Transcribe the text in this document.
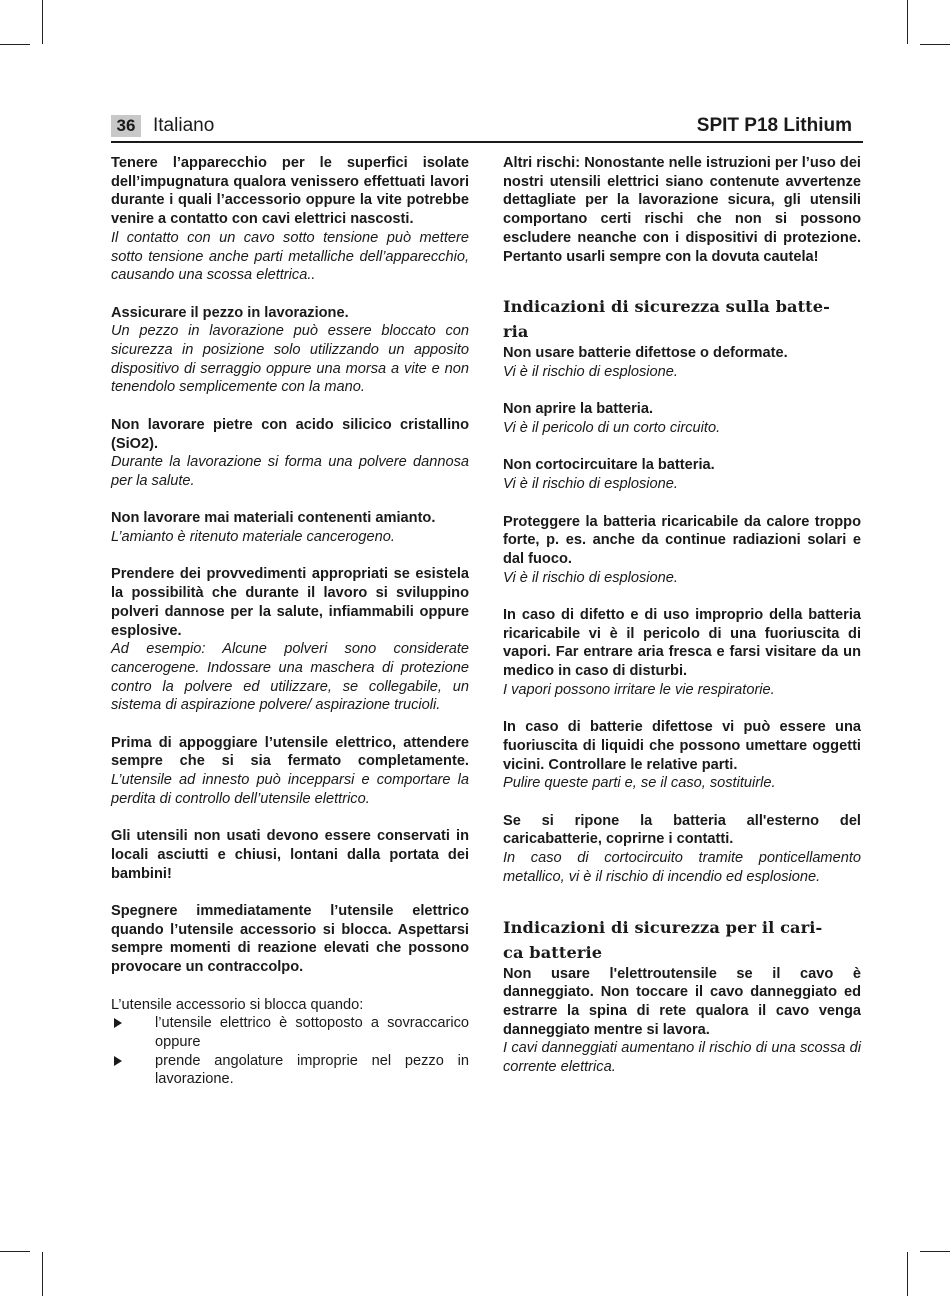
36 Italiano	SPIT P18 Lithium

Tenere l’apparecchio per le superfici isolate dell’impugnatura qualora venissero effettuati lavori durante i quali l’accessorio oppure la vite potrebbe venire a contatto con cavi elettrici nascosti.

Il contatto con un cavo sotto tensione può mettere sotto tensione anche parti metalliche dell’apparecchio, causando una scossa elettrica..

Assicurare il pezzo in lavorazione.

Un pezzo in lavorazione può essere bloccato con sicurezza in posizione solo utilizzando un apposito dispositivo di serraggio oppure una morsa a vite e non tenendolo semplicemente con la mano.

Non lavorare pietre con acido silicico cristallino (SiO2).

Durante la lavorazione si forma una polvere dannosa per la salute.

Non lavorare mai materiali contenenti amianto.

L’amianto è ritenuto materiale cancerogeno.

Prendere dei provvedimenti appropriati se esistela la possibilità che durante il lavoro si sviluppino polveri dannose per la salute, infiammabili oppure esplosive.

Ad esempio: Alcune polveri sono considerate cancerogene. Indossare una maschera di protezione contro la polvere ed utilizzare, se collegabile, un sistema di aspirazione polvere/ aspirazione trucioli.

Prima di appoggiare l’utensile elettrico, attendere sempre che si sia fermato completamente. L’utensile ad innesto può incepparsi e comportare la perdita di controllo dell’utensile elettrico.

Gli utensili non usati devono essere conservati in locali asciutti e chiusi, lontani dalla portata dei bambini!

Spegnere immediatamente l’utensile elettrico quando l’utensile accessorio si blocca. Aspettarsi sempre momenti di reazione elevati che possono provocare un contraccolpo.

L’utensile accessorio si blocca quando:

l’utensile elettrico è sottoposto a sovraccarico oppure
prende angolature improprie nel pezzo in lavorazione.

Altri rischi: Nonostante nelle istruzioni per l’uso dei nostri utensili elettrici siano contenute avvertenze dettagliate per la lavorazione sicura, gli utensili comportano certi rischi che non si possono escludere neanche con i dispositivi di protezione. Pertanto usarli sempre con la dovuta cautela!

Indicazioni di sicurezza sulla batte-
ria

Non usare batterie difettose o deformate.

Vi è il rischio di esplosione.

Non aprire la batteria.

Vi è il pericolo di un corto circuito.

Non cortocircuitare la batteria.

Vi è il rischio di esplosione.

Proteggere la batteria ricaricabile da calore troppo forte, p. es. anche da continue radiazioni solari e dal fuoco.

Vi è il rischio di esplosione.

In caso di difetto e di uso improprio della batteria ricaricabile vi è il pericolo di una fuoriuscita di vapori. Far entrare aria fresca e farsi visitare da un medico in caso di disturbi.

I vapori possono irritare le vie respiratorie.

In caso di batterie difettose vi può essere una fuoriuscita di liquidi che possono umettare oggetti vicini. Controllare le relative parti.

Pulire queste parti e, se il caso, sostituirle.

Se si ripone la batteria all'esterno del caricabatterie, coprirne i contatti.

In caso di cortocircuito tramite ponticellamento metallico, vi è il rischio di incendio ed esplosione.

Indicazioni di sicurezza per il cari-
ca batterie

Non usare l'elettroutensile se il cavo è danneggiato. Non toccare il cavo danneggiato ed estrarre la spina di rete qualora il cavo venga danneggiato mentre si lavora.

I cavi danneggiati aumentano il rischio di una scossa di corrente elettrica.
